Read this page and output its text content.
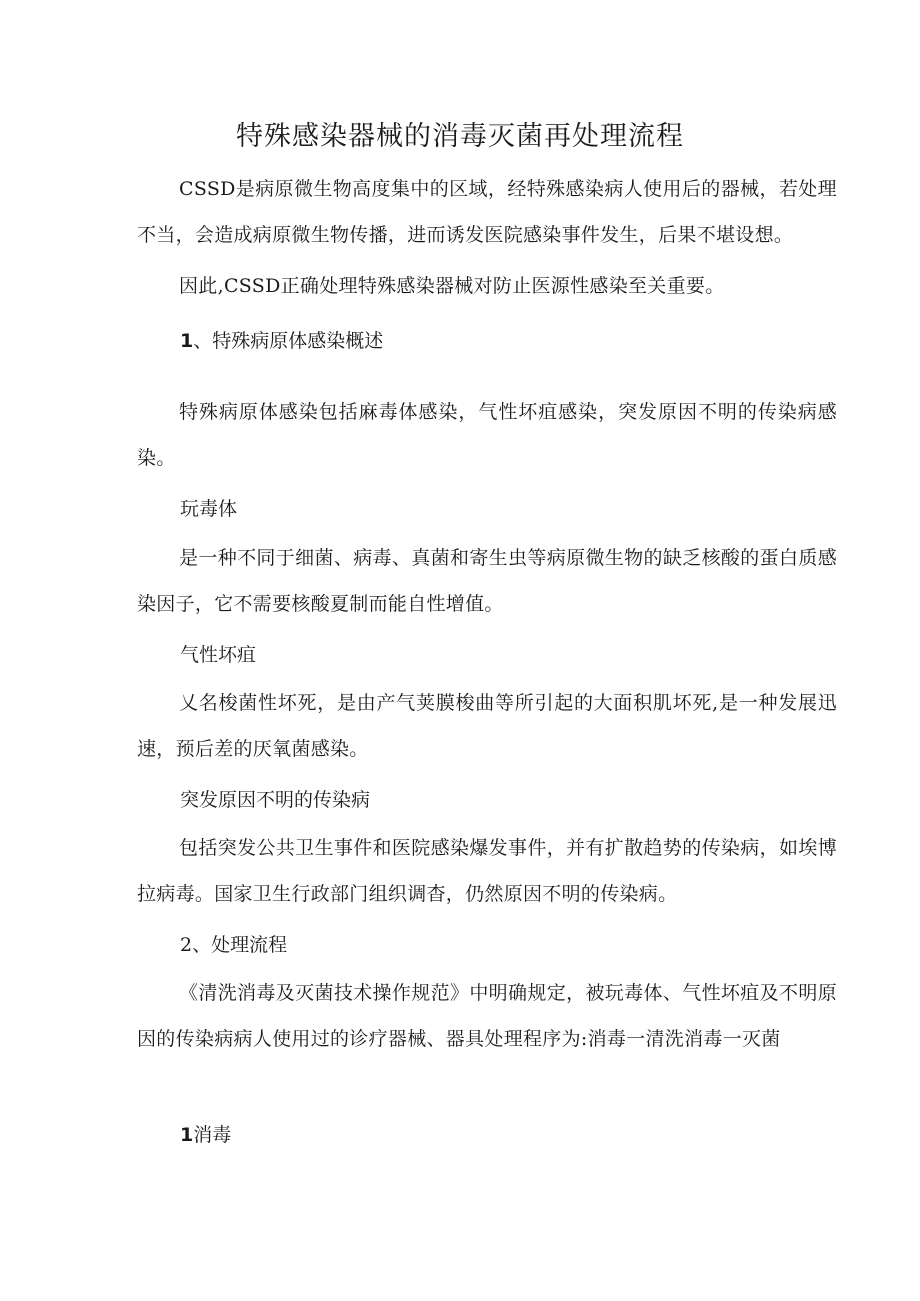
特殊感染器械的消毒灭菌再处理流程

CSSD是病原微生物高度集中的区域，经特殊感染病人使用后的器械，若处理不当，会造成病原微生物传播，进而诱发医院感染事件发生，后果不堪设想。

因此,CSSD正确处理特殊感染器械对防止医源性感染至关重要。

1、特殊病原体感染概述

特殊病原体感染包括麻毒体感染，气性坏疽感染，突发原因不明的传染病感染。

玩毒体

是一种不同于细菌、病毒、真菌和寄生虫等病原微生物的缺乏核酸的蛋白质感染因子，它不需要核酸夏制而能自性增值。

气性坏疽

乂名梭菌性坏死，是由产气荚膜梭曲等所引起的大面积肌坏死,是一种发展迅速，预后差的厌氧菌感染。

突发原因不明的传染病

包括突发公共卫生事件和医院感染爆发事件，并有扩散趋势的传染病，如埃博拉病毒。国家卫生行政部门组织调杳，仍然原因不明的传染病。

2、处理流程

《清洗消毒及灭菌技术操作规范》中明确规定，被玩毒体、气性坏疽及不明原因的传染病病人使用过的诊疗器械、器具处理程序为:消毒一清洗消毒一灭菌

1消毒
